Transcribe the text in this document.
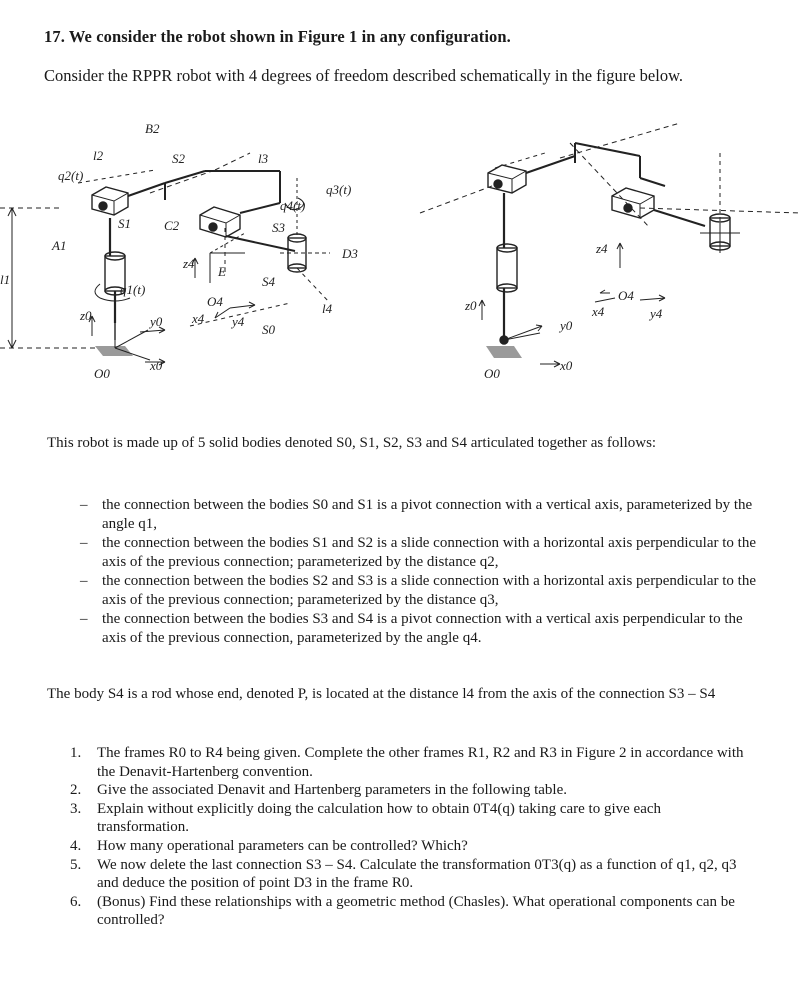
17. We consider the robot shown in Figure 1 in any configuration.
Consider the RPPR robot with 4 degrees of freedom described schematically in the figure below.
B2
l2
q2(t)
S2	l3
q4(t)
q3(t)
S1	C2
A1
S3
D3
q1(t)
E
S4
l4
O4
x4 y4
S0
z0	y0
O0
x0
z4
l1
z0
y0
O0
x0
z4
x4
O4
y4
This robot is made up of 5 solid bodies denoted S0, S1, S2, S3 and S4 articulated together as follows:
– the connection between the bodies S0 and S1 is a pivot connection with a vertical axis, parameterized by the angle q1,
– the connection between the bodies S1 and S2 is a slide connection with a horizontal axis perpendicular to the axis of the previous connection; parameterized by the distance q2,
– the connection between the bodies S2 and S3 is a slide connection with a horizontal axis perpendicular to the axis of the previous connection; parameterized by the distance q3,
– the connection between the bodies S3 and S4 is a pivot connection with a vertical axis perpendicular to the axis of the previous connection, parameterized by the angle q4.
The body S4 is a rod whose end, denoted P, is located at the distance l4 from the axis of the connection S3 – S4
1. The frames R0 to R4 being given. Complete the other frames R1, R2 and R3 in Figure 2 in accordance with the Denavit-Hartenberg convention.
2. Give the associated Denavit and Hartenberg parameters in the following table.
3. Explain without explicitly doing the calculation how to obtain 0T4(q) taking care to give each transformation.
4. How many operational parameters can be controlled? Which?
5. We now delete the last connection S3 – S4. Calculate the transformation 0T3(q) as a function of q1, q2, q3 and deduce the position of point D3 in the frame R0.
6. (Bonus) Find these relationships with a geometric method (Chasles). What operational components can be controlled?
